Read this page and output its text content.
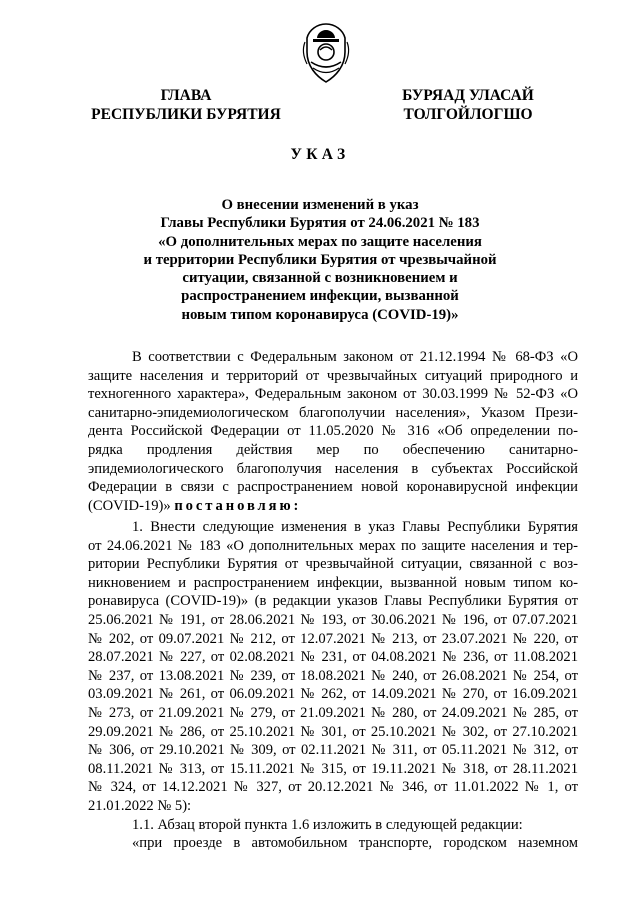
ГЛАВА
РЕСПУБЛИКИ БУРЯТИЯ
БУРЯАД УЛАСАЙ
ТОЛГОЙЛОГШО
УКАЗ
О внесении изменений в указ
Главы Республики Бурятия от 24.06.2021 № 183
«О дополнительных мерах по защите населения
и территории Республики Бурятия от чрезвычайной
ситуации, связанной с возникновением и
распространением инфекции, вызванной
новым типом коронавируса (COVID-19)»
В соответствии с Федеральным законом от 21.12.1994 № 68-ФЗ «О
защите населения и территорий от чрезвычайных ситуаций природного и
техногенного характера», Федеральным законом от 30.03.1999 № 52-ФЗ «О
санитарно-эпидемиологическом благополучии населения», Указом Прези-
дента Российской Федерации от 11.05.2020 № 316 «Об определении по-
рядка продления действия мер по обеспечению санитарно-
эпидемиологического благополучия населения в субъектах Российской
Федерации в связи с распространением новой коронавирусной инфекции
(COVID-19)» постановляю:
1. Внести следующие изменения в указ Главы Республики Бурятия
от 24.06.2021 № 183 «О дополнительных мерах по защите населения и тер-
ритории Республики Бурятия от чрезвычайной ситуации, связанной с воз-
никновением и распространением инфекции, вызванной новым типом ко-
ронавируса (COVID-19)» (в редакции указов Главы Республики Бурятия от
25.06.2021 № 191, от 28.06.2021 № 193, от 30.06.2021 № 196, от 07.07.2021
№ 202, от 09.07.2021 № 212, от 12.07.2021 № 213, от 23.07.2021 № 220, от
28.07.2021 № 227, от 02.08.2021 № 231, от 04.08.2021 № 236, от 11.08.2021
№ 237, от 13.08.2021 № 239, от 18.08.2021 № 240, от 26.08.2021 № 254, от
03.09.2021 № 261, от 06.09.2021 № 262, от 14.09.2021 № 270, от 16.09.2021
№ 273, от 21.09.2021 № 279, от 21.09.2021 № 280, от 24.09.2021 № 285, от
29.09.2021 № 286, от 25.10.2021 № 301, от 25.10.2021 № 302, от 27.10.2021
№ 306, от 29.10.2021 № 309, от 02.11.2021 № 311, от 05.11.2021 № 312, от
08.11.2021 № 313, от 15.11.2021 № 315, от 19.11.2021 № 318, от 28.11.2021
№ 324, от 14.12.2021 № 327, от 20.12.2021 № 346, от 11.01.2022 № 1, от
21.01.2022 № 5):
1.1. Абзац второй пункта 1.6 изложить в следующей редакции:
«при проезде в автомобильном транспорте, городском наземном
